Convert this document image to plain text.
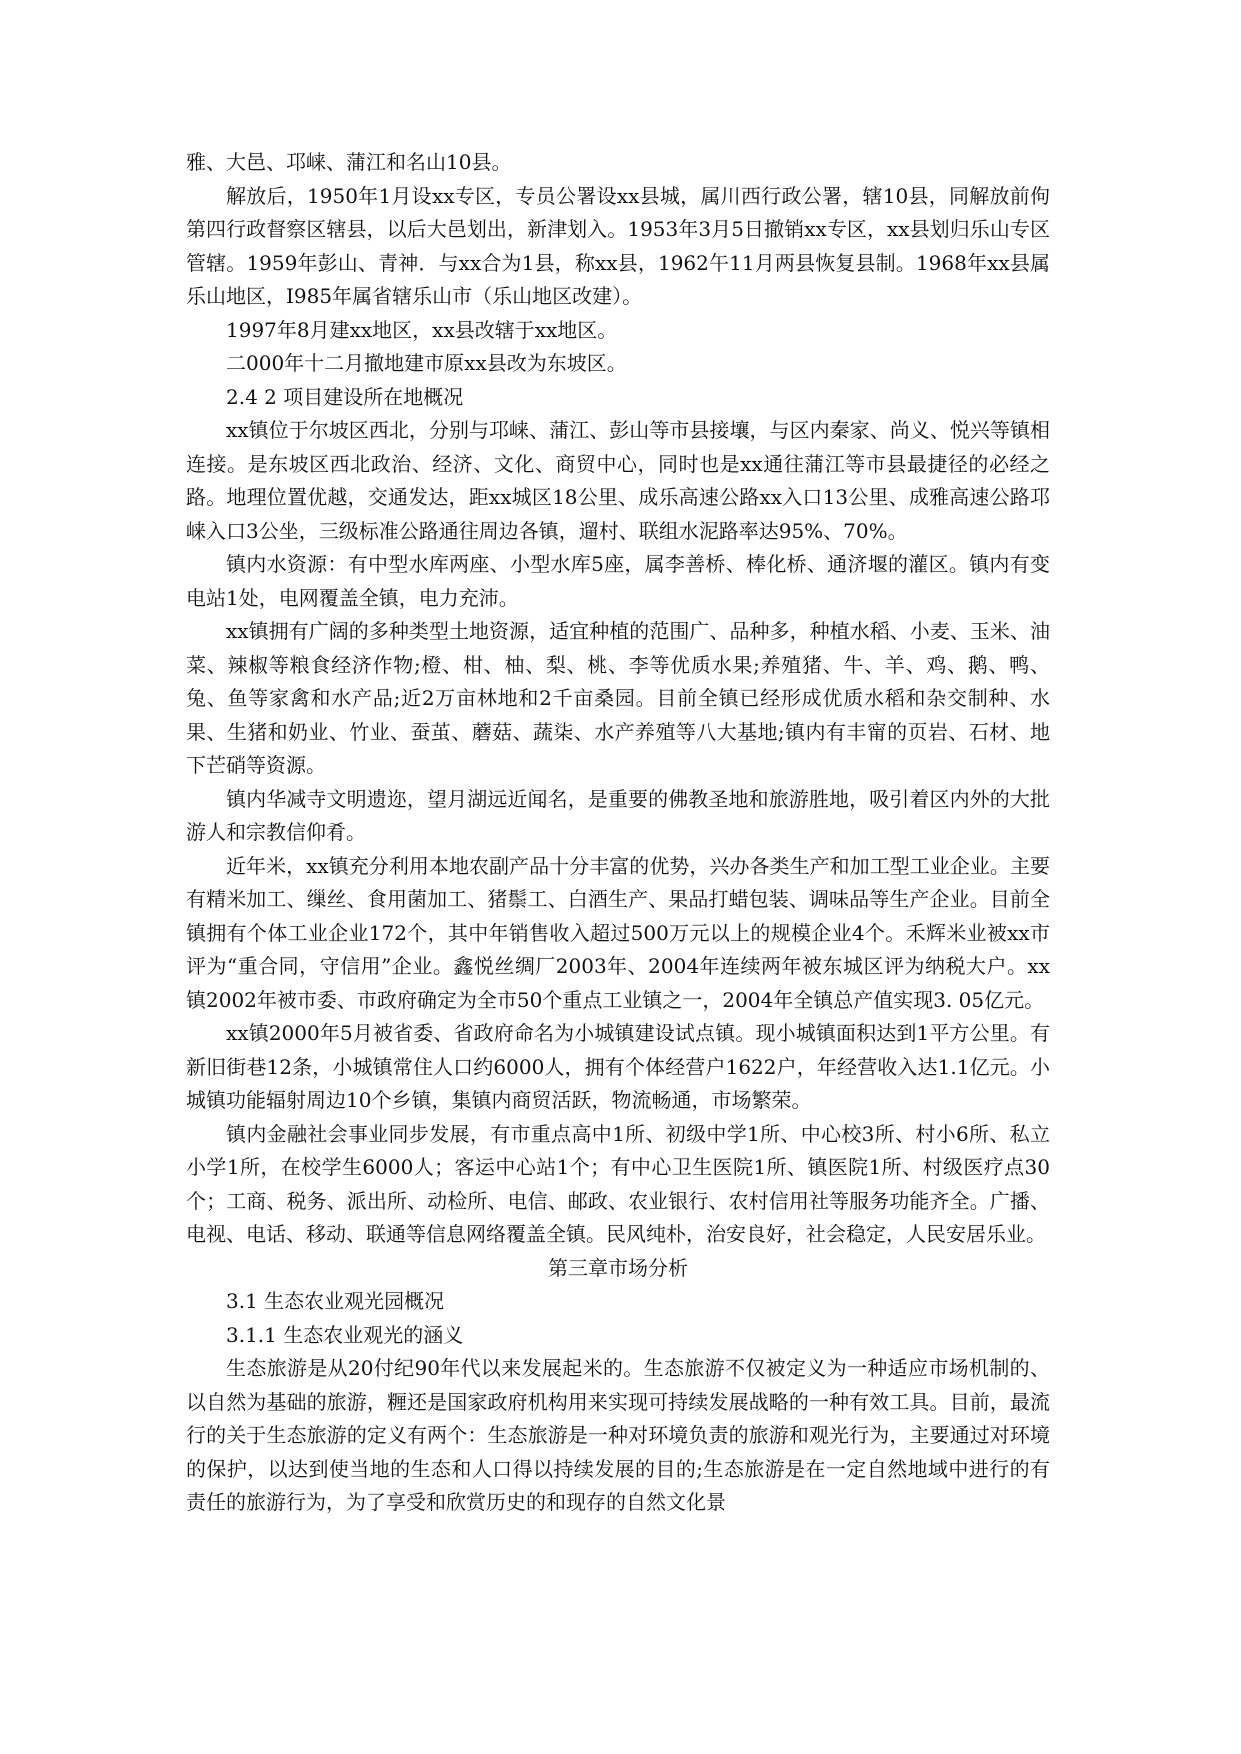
雅、大邑、邛崃、蒲江和名山10县。

解放后，1950年1月设xx专区，专员公署设xx县城，属川西行政公署，辖10县，同解放前佝第四行政督察区辖县，以后大邑划出，新津划入。1953年3月5日撤销xx专区，xx县划归乐山专区管辖。1959年彭山、青神．与xx合为1县，称xx县，1962午11月两县恢复县制。1968年xx县属乐山地区，I985年属省辖乐山市（乐山地区改建）。

1997年8月建xx地区，xx县改辖于xx地区。

二000年十二月撤地建市原xx县改为东坡区。

2.4 2 项目建设所在地概况

xx镇位于尔坡区西北，分别与邛崃、蒲江、彭山等市县接壤，与区内秦家、尚义、悦兴等镇相连接。是东坡区西北政治、经济、文化、商贸中心，同时也是xx通往蒲江等市县最捷径的必经之路。地理位置优越，交通发达，距xx城区18公里、成乐高速公路xx入口13公里、成雅高速公路邛崃入口3公坐，三级标准公路通往周边各镇，遛村、联组水泥路率达95%、70%。

镇内水资源：有中型水库两座、小型水库5座，属李善桥、棒化桥、通济堰的灌区。镇内有变电站1处，电网覆盖全镇，电力充沛。

xx镇拥有广阔的多种类型土地资源，适宜种植的范围广、品种多，种植水稻、小麦、玉米、油菜、辣椒等粮食经济作物;橙、柑、柚、梨、桃、李等优质水果;养殖猪、牛、羊、鸡、鹅、鸭、兔、鱼等家禽和水产品;近2万亩林地和2千亩桑园。目前全镇已经形成优质水稻和杂交制种、水果、生猪和奶业、竹业、蚕茧、蘑菇、蔬柒、水产养殖等八大基地;镇内有丰甯的页岩、石材、地下芒硝等资源。

镇内华减寺文明遗迩，望月湖远近闻名，是重要的佛教圣地和旅游胜地，吸引着区内外的大批游人和宗教信仰肴。

近年米，xx镇充分利用本地农副产品十分丰富的优势，兴办各类生产和加工型工业企业。主要有精米加工、缫丝、食用菌加工、猪鬃工、白酒生产、果品打蜡包装、调味品等生产企业。目前全镇拥有个体工业企业172个，其中年销售收入超过500万元以上的规模企业4个。禾辉米业被xx市评为“重合同，守信用”企业。鑫悦丝绸厂2003年、2004年连续两年被东城区评为纳税大户。xx镇2002年被市委、市政府确定为全市50个重点工业镇之一，2004年全镇总产值实现3. 05亿元。

xx镇2000年5月被省委、省政府命名为小城镇建设试点镇。现小城镇面积达到1平方公里。有新旧街巷12条，小城镇常住人口约6000人，拥有个体经营户1622户，年经营收入达1.1亿元。小城镇功能辐射周边10个乡镇，集镇内商贸活跃，物流畅通，市场繁荣。

镇内金融社会事业同步发展，有市重点高中1所、初级中学1所、中心校3所、村小6所、私立小学1所，在校学生6000人；客运中心站1个；有中心卫生医院1所、镇医院1所、村级医疗点30个；工商、税务、派出所、动检所、电信、邮政、农业银行、农村信用社等服务功能齐全。广播、电视、电话、移动、联通等信息网络覆盖全镇。民风纯朴，治安良好，社会稳定，人民安居乐业。

第三章市场分析

3.1 生态农业观光园概况

3.1.1 生态农业观光的涵义

生态旅游是从20付纪90年代以来发展起米的。生态旅游不仅被定义为一种适应市场机制的、以自然为基础的旅游，糎还是国家政府机构用来实现可持续发展战略的一种有效工具。目前，最流行的关于生态旅游的定义有两个：生态旅游是一种对环境负责的旅游和观光行为，主要通过对环境的保护，以达到使当地的生态和人口得以持续发展的目的;生态旅游是在一定自然地域中进行的有责任的旅游行为，为了享受和欣赏历史的和现存的自然文化景
